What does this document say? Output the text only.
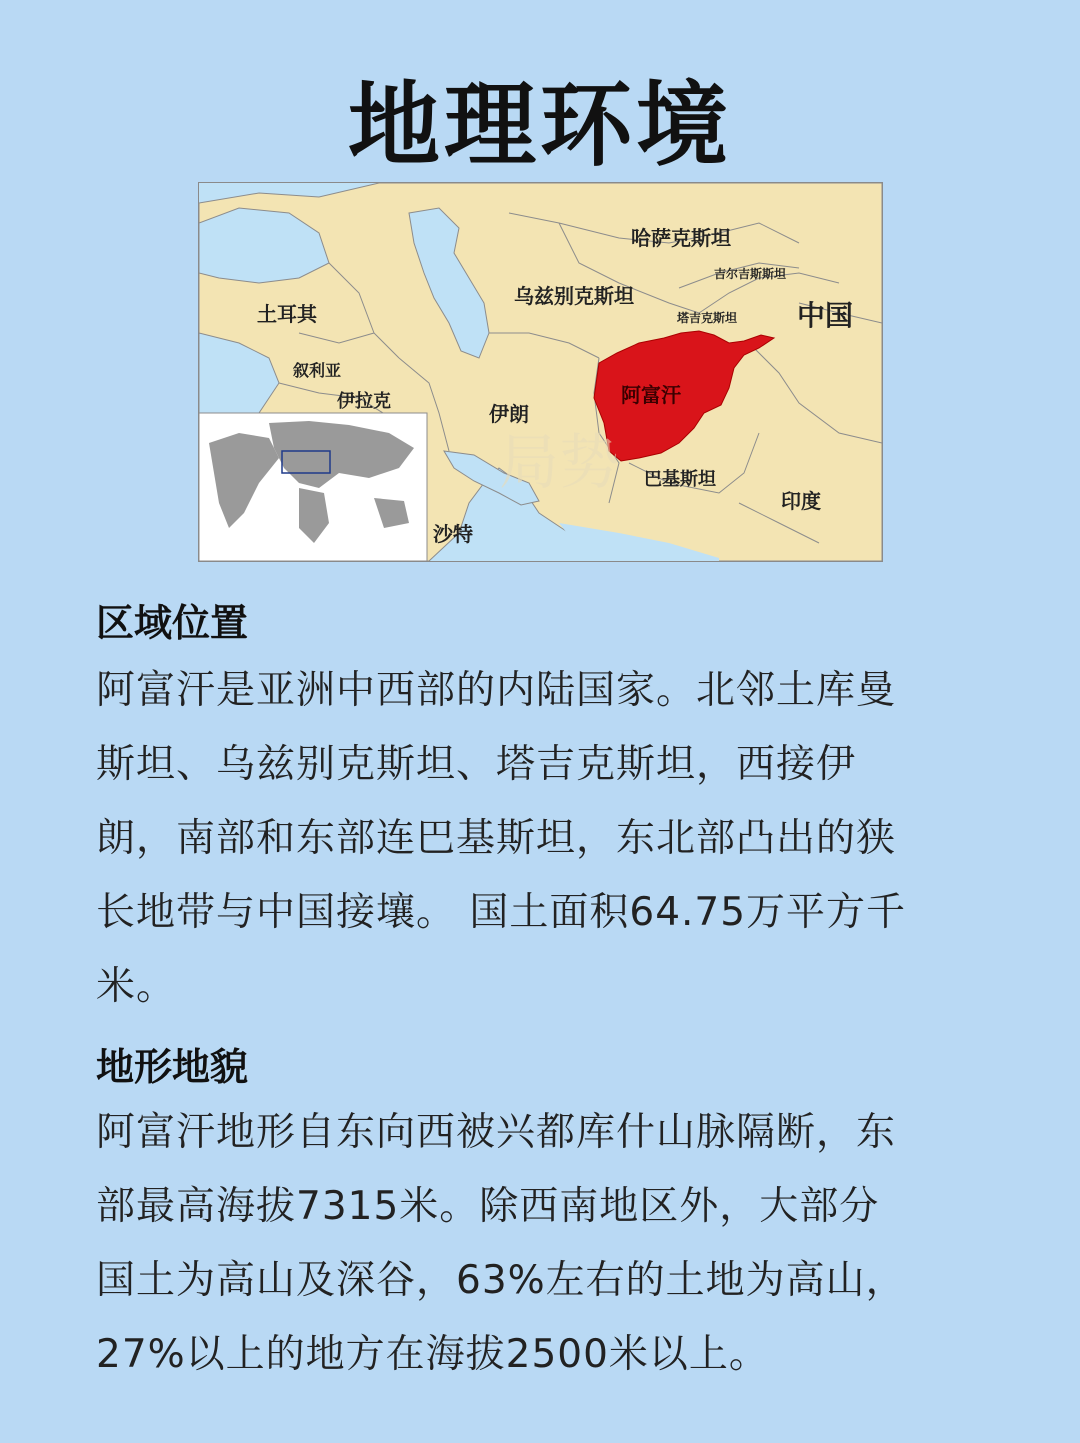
地理环境
局势
哈萨克斯坦
吉尔吉斯斯坦
乌兹别克斯坦
塔吉克斯坦
土耳其	中国
叙利亚
伊拉克
伊朗
阿富汗
巴基斯坦
印度
沙特
区域位置
阿富汗是亚洲中西部的内陆国家。北邻土库曼
斯坦、乌兹别克斯坦、塔吉克斯坦，西接伊
朗，南部和东部连巴基斯坦，东北部凸出的狭
长地带与中国接壤。 国土面积64.75万平方千
米。
地形地貌
阿富汗地形自东向西被兴都库什山脉隔断，东
部最高海拔7315米。除西南地区外，大部分
国土为高山及深谷，63%左右的土地为高山，
27%以上的地方在海拔2500米以上。
